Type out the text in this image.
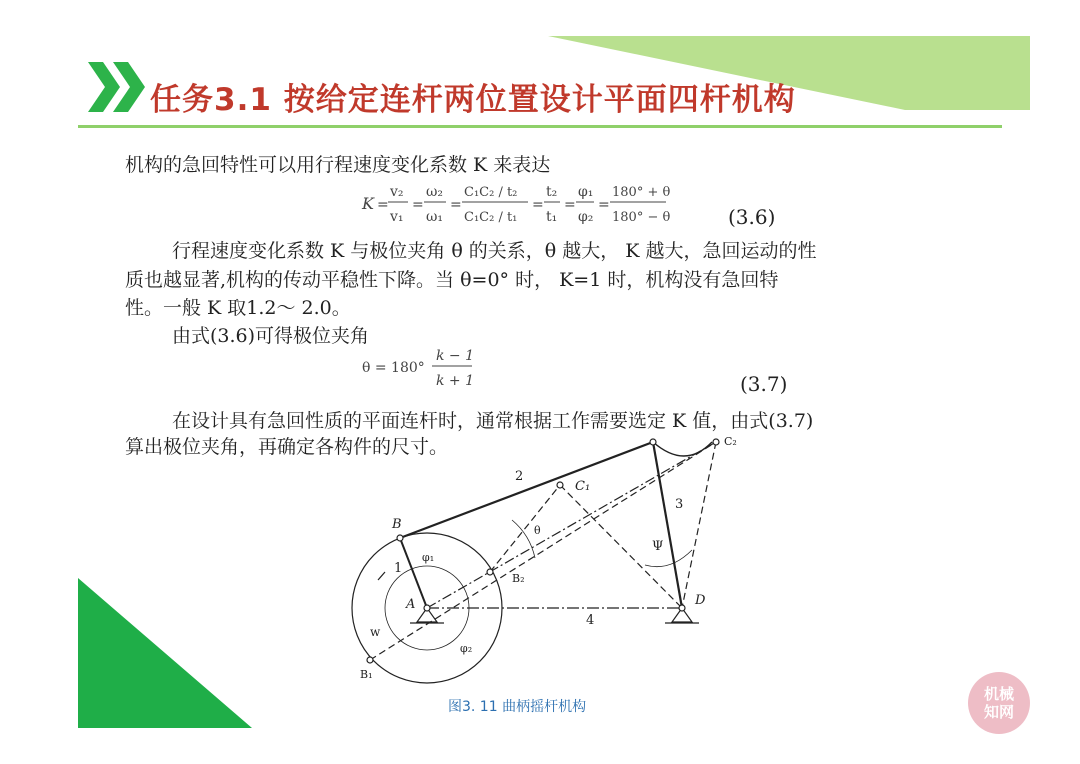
任务3.1 按给定连杆两位置设计平面四杆机构
机构的急回特性可以用行程速度变化系数 K 来表达
K =
v₂
v₁
=
ω₂
ω₁
=
C₁C₂ / t₂
C₁C₂ / t₁
=
t₂
t₁
=
φ₁
φ₂
=
180° + θ
180° − θ	(3.6)
行程速度变化系数 K 与极位夹角 θ 的关系，θ 越大， K 越大，急回运动的性
质也越显著,机构的传动平稳性下降。当 θ=0° 时， K=1 时，机构没有急回特
性。一般 K 取1.2～ 2.0。
由式(3.6)可得极位夹角
θ = 180°
k − 1
k + 1	(3.7)
在设计具有急回性质的平面连杆时，通常根据工作需要选定 K 值，由式(3.7)
算出极位夹角，再确定各构件的尺寸。
B
A	D
C₁
C₂
B₁
B₂
1
2
3
4
θ
Ψ
φ₁
φ₂
w
图3. 11 曲柄摇杆机构
机械
知网
